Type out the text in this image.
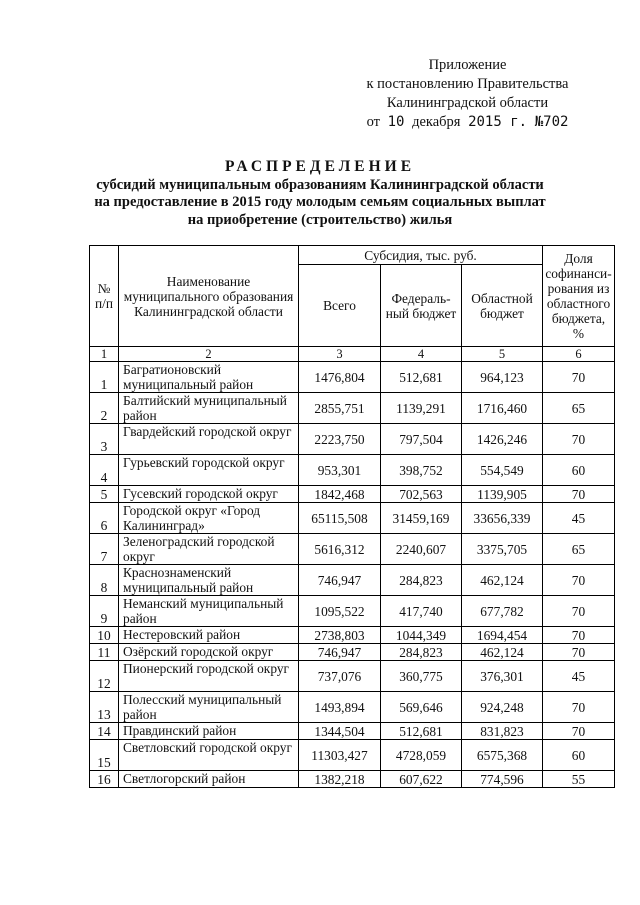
Приложение
к постановлению Правительства
Калининградской области
от 10 декабря 2015 г. №702
РАСПРЕДЕЛЕНИЕ
субсидий муниципальным образованиям Калининградской области
на предоставление в 2015 году молодым семьям социальных выплат
на приобретение (строительство) жилья
№ п/п	Наименование муниципального образования Калининградской области	Субсидия, тыс. руб.			Доля софинанси- рования из областного бюджета, %
		Всего	Федераль- ный бюджет	Областной бюджет	
1	2	3	4	5	6
1	Багратионовский муниципальный район	1476,804	512,681	964,123	70
2	Балтийский муниципальный район	2855,751	1139,291	1716,460	65
3	Гвардейский городской округ	2223,750	797,504	1426,246	70
4	Гурьевский городской округ	953,301	398,752	554,549	60
5	Гусевский городской округ	1842,468	702,563	1139,905	70
6	Городской округ «Город Калининград»	65115,508	31459,169	33656,339	45
7	Зеленоградский городской округ	5616,312	2240,607	3375,705	65
8	Краснознаменский муниципальный район	746,947	284,823	462,124	70
9	Неманский муниципальный район	1095,522	417,740	677,782	70
10	Нестеровский район	2738,803	1044,349	1694,454	70
11	Озёрский городской округ	746,947	284,823	462,124	70
12	Пионерский городской округ	737,076	360,775	376,301	45
13	Полесский муниципальный район	1493,894	569,646	924,248	70
14	Правдинский район	1344,504	512,681	831,823	70
15	Светловский городской округ	11303,427	4728,059	6575,368	60
16	Светлогорский район	1382,218	607,622	774,596	55
